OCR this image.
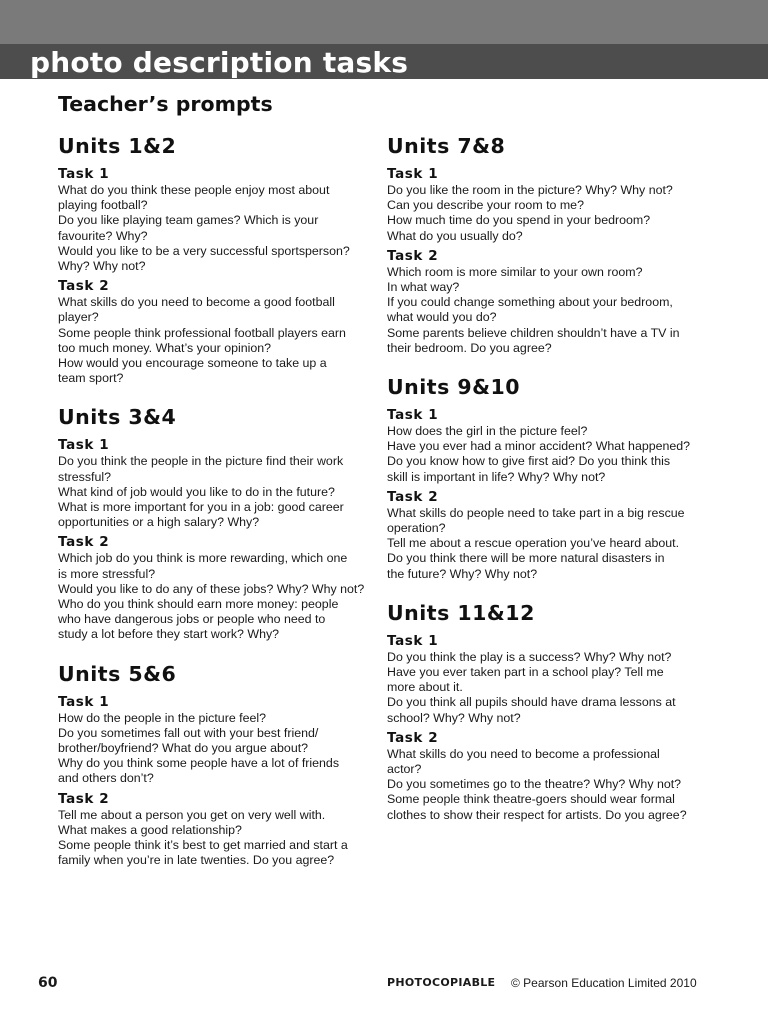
photo description tasks
Teacher’s prompts
Units 1&2
Task 1
What do you think these people enjoy most about
playing football?
Do you like playing team games? Which is your
favourite? Why?
Would you like to be a very successful sportsperson?
Why? Why not?
Task 2
What skills do you need to become a good football
player?
Some people think professional football players earn
too much money. What’s your opinion?
How would you encourage someone to take up a
team sport?
Units 3&4
Task 1
Do you think the people in the picture find their work
stressful?
What kind of job would you like to do in the future?
What is more important for you in a job: good career
opportunities or a high salary? Why?
Task 2
Which job do you think is more rewarding, which one
is more stressful?
Would you like to do any of these jobs? Why? Why not?
Who do you think should earn more money: people
who have dangerous jobs or people who need to
study a lot before they start work? Why?
Units 5&6
Task 1
How do the people in the picture feel?
Do you sometimes fall out with your best friend/
brother/boyfriend? What do you argue about?
Why do you think some people have a lot of friends
and others don’t?
Task 2
Tell me about a person you get on very well with.
What makes a good relationship?
Some people think it’s best to get married and start a
family when you’re in late twenties. Do you agree?
Units 7&8
Task 1
Do you like the room in the picture? Why? Why not?
Can you describe your room to me?
How much time do you spend in your bedroom?
What do you usually do?
Task 2
Which room is more similar to your own room?
In what way?
If you could change something about your bedroom,
what would you do?
Some parents believe children shouldn’t have a TV in
their bedroom. Do you agree?
Units 9&10
Task 1
How does the girl in the picture feel?
Have you ever had a minor accident? What happened?
Do you know how to give first aid? Do you think this
skill is important in life? Why? Why not?
Task 2
What skills do people need to take part in a big rescue
operation?
Tell me about a rescue operation you’ve heard about.
Do you think there will be more natural disasters in
the future? Why? Why not?
Units 11&12
Task 1
Do you think the play is a success? Why? Why not?
Have you ever taken part in a school play? Tell me
more about it.
Do you think all pupils should have drama lessons at
school? Why? Why not?
Task 2
What skills do you need to become a professional
actor?
Do you sometimes go to the theatre? Why? Why not?
Some people think theatre-goers should wear formal
clothes to show their respect for artists. Do you agree?
60	PHOTOCOPIABLE © Pearson Education Limited 2010
